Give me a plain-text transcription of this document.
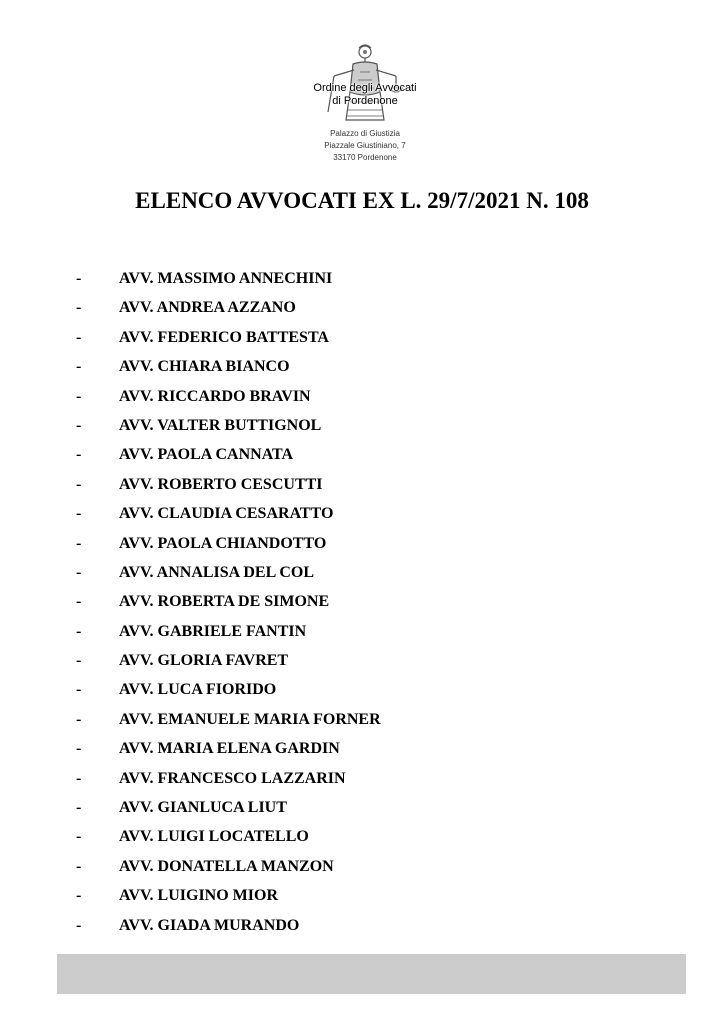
Ordine degli Avvocati
di Pordenone
Palazzo di Giustizia
Piazzale Giustiniano, 7
33170 Pordenone
ELENCO AVVOCATI EX L. 29/7/2021 N. 108
- AVV. MASSIMO ANNECHINI
- AVV. ANDREA AZZANO
- AVV. FEDERICO BATTESTA
- AVV. CHIARA BIANCO
- AVV. RICCARDO BRAVIN
- AVV. VALTER BUTTIGNOL
- AVV. PAOLA CANNATA
- AVV. ROBERTO CESCUTTI
- AVV. CLAUDIA CESARATTO
- AVV. PAOLA CHIANDOTTO
- AVV. ANNALISA DEL COL
- AVV. ROBERTA DE SIMONE
- AVV. GABRIELE FANTIN
- AVV. GLORIA FAVRET
- AVV. LUCA FIORIDO
- AVV. EMANUELE MARIA FORNER
- AVV. MARIA ELENA GARDIN
- AVV. FRANCESCO LAZZARIN
- AVV. GIANLUCA LIUT
- AVV. LUIGI LOCATELLO
- AVV. DONATELLA MANZON
- AVV. LUIGINO MIOR
- AVV. GIADA MURANDO
